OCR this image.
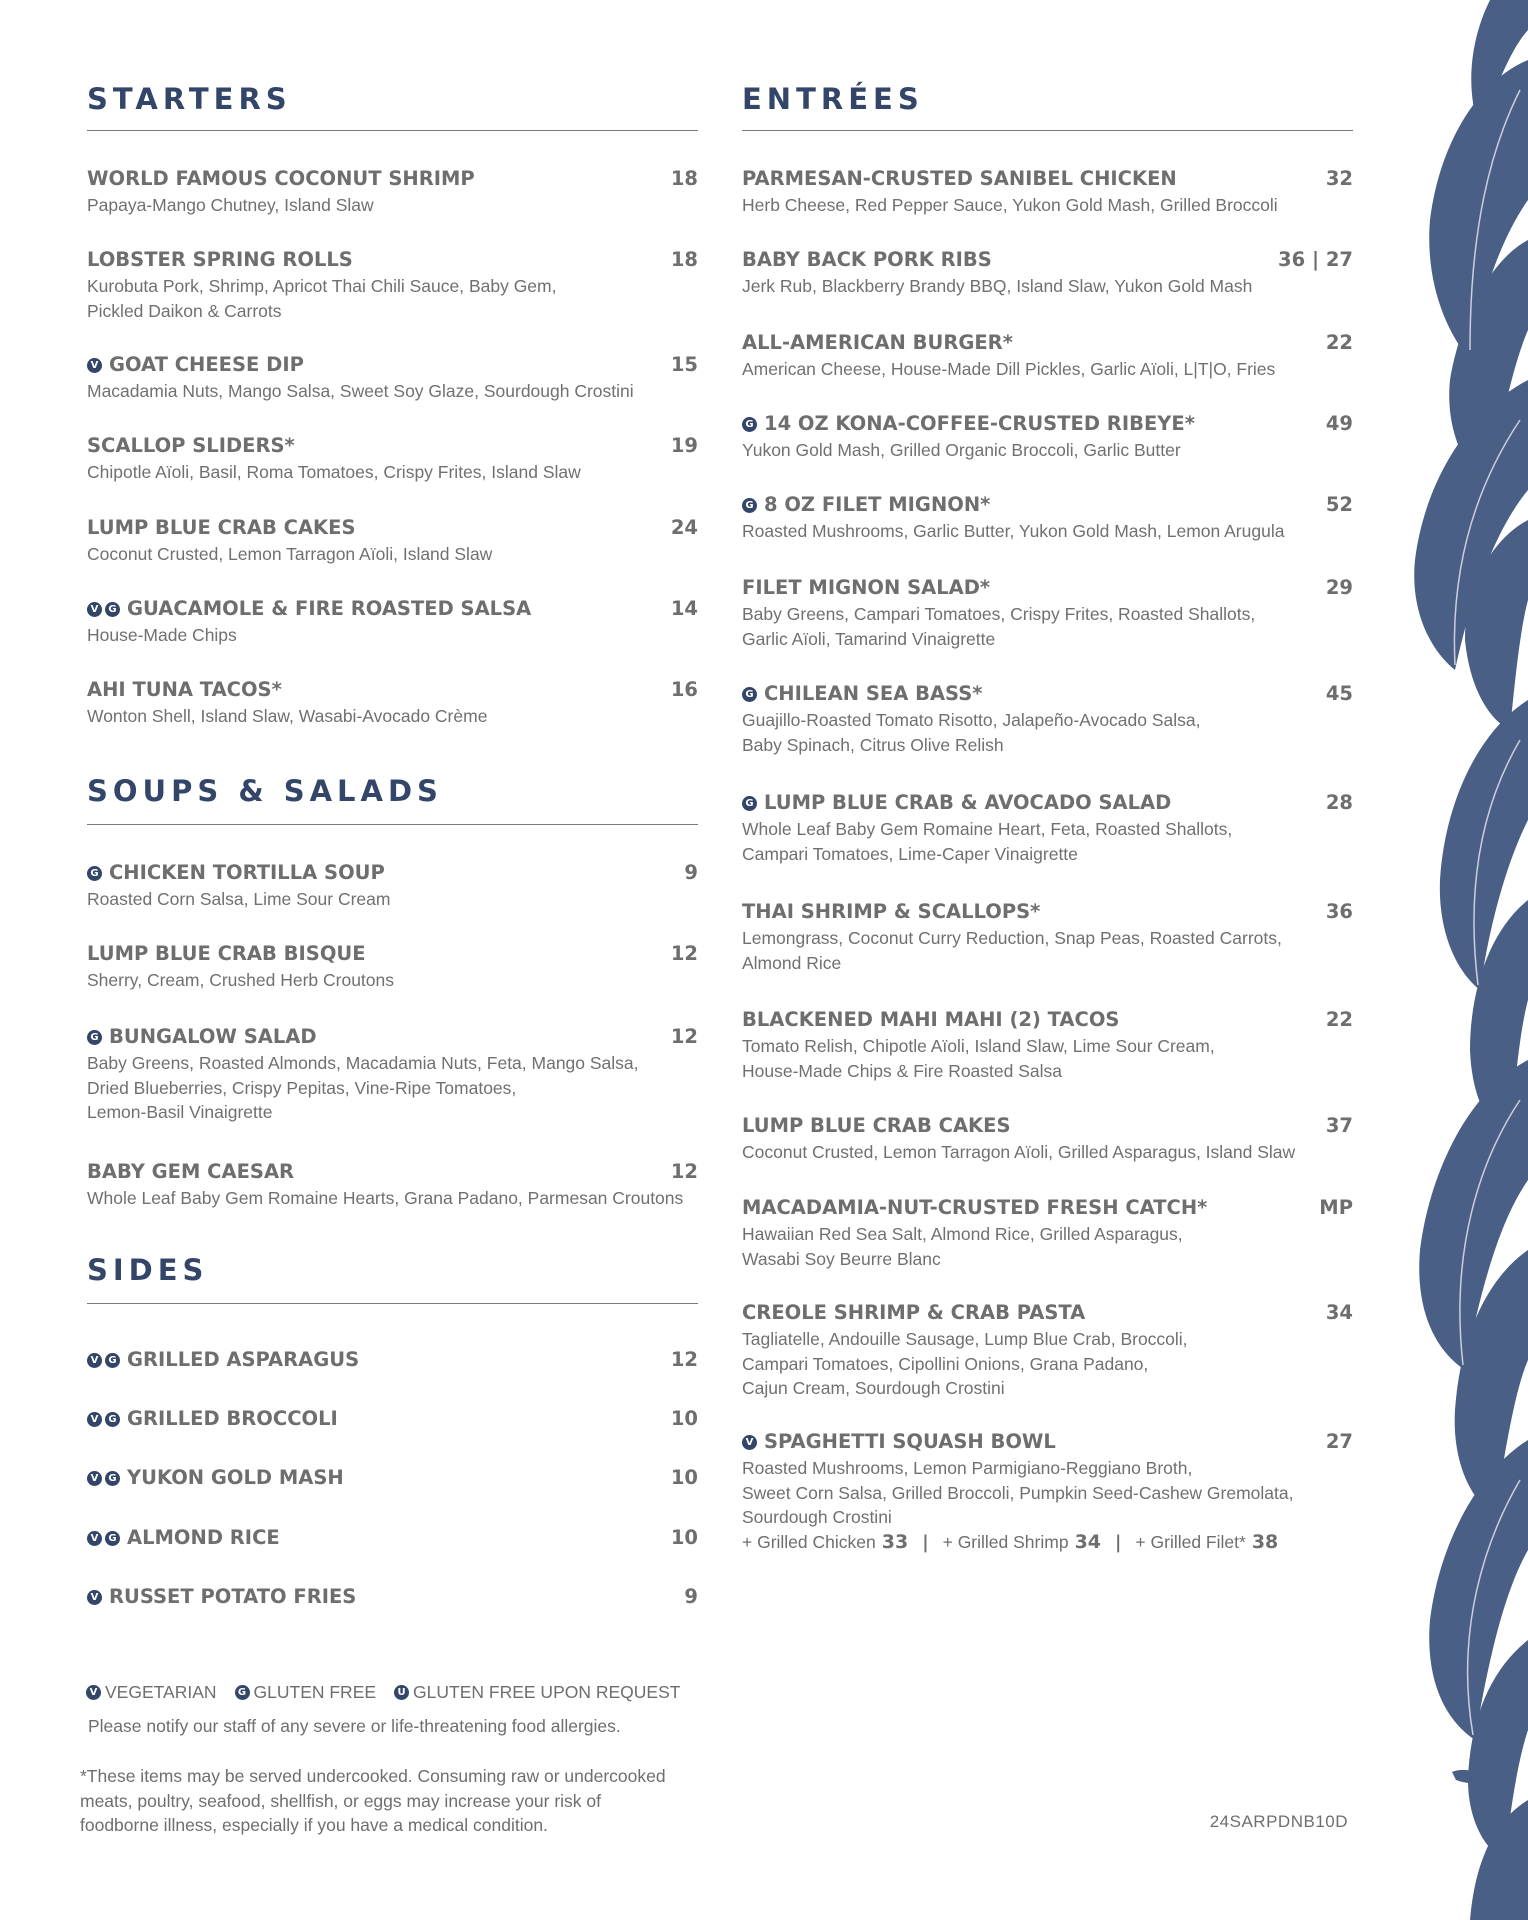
STARTERS
WORLD FAMOUS COCONUT SHRIMP	18
Papaya-Mango Chutney, Island Slaw
LOBSTER SPRING ROLLS	18
Kurobuta Pork, Shrimp, Apricot Thai Chili Sauce, Baby Gem,
Pickled Daikon & Carrots
V GOAT CHEESE DIP	15
Macadamia Nuts, Mango Salsa, Sweet Soy Glaze, Sourdough Crostini
SCALLOP SLIDERS*	19
Chipotle Aïoli, Basil, Roma Tomatoes, Crispy Frites, Island Slaw
LUMP BLUE CRAB CAKES	24
Coconut Crusted, Lemon Tarragon Aïoli, Island Slaw
V	G GUACAMOLE & FIRE ROASTED SALSA	14
House-Made Chips
AHI TUNA TACOS*	16
Wonton Shell, Island Slaw, Wasabi-Avocado Crème
SOUPS & SALADS
G CHICKEN TORTILLA SOUP	9
Roasted Corn Salsa, Lime Sour Cream
LUMP BLUE CRAB BISQUE	12
Sherry, Cream, Crushed Herb Croutons
G BUNGALOW SALAD	12
Baby Greens, Roasted Almonds, Macadamia Nuts, Feta, Mango Salsa,
Dried Blueberries, Crispy Pepitas, Vine-Ripe Tomatoes,
Lemon-Basil Vinaigrette
BABY GEM CAESAR	12
Whole Leaf Baby Gem Romaine Hearts, Grana Padano, Parmesan Croutons
SIDES
V	G GRILLED ASPARAGUS	12
V	G GRILLED BROCCOLI	10
V	G YUKON GOLD MASH	10
V	G ALMOND RICE	10
V RUSSET POTATO FRIES	9
ENTRÉES
PARMESAN-CRUSTED SANIBEL CHICKEN	32
Herb Cheese, Red Pepper Sauce, Yukon Gold Mash, Grilled Broccoli
BABY BACK PORK RIBS	36 | 27
Jerk Rub, Blackberry Brandy BBQ, Island Slaw, Yukon Gold Mash
ALL-AMERICAN BURGER*	22
American Cheese, House-Made Dill Pickles, Garlic Aïoli, L|T|O, Fries
G 14 OZ KONA-COFFEE-CRUSTED RIBEYE*	49
Yukon Gold Mash, Grilled Organic Broccoli, Garlic Butter
G 8 OZ FILET MIGNON*	52
Roasted Mushrooms, Garlic Butter, Yukon Gold Mash, Lemon Arugula
FILET MIGNON SALAD*	29
Baby Greens, Campari Tomatoes, Crispy Frites, Roasted Shallots,
Garlic Aïoli, Tamarind Vinaigrette
G CHILEAN SEA BASS*	45
Guajillo-Roasted Tomato Risotto, Jalapeño-Avocado Salsa,
Baby Spinach, Citrus Olive Relish
G LUMP BLUE CRAB & AVOCADO SALAD	28
Whole Leaf Baby Gem Romaine Heart, Feta, Roasted Shallots,
Campari Tomatoes, Lime-Caper Vinaigrette
THAI SHRIMP & SCALLOPS*	36
Lemongrass, Coconut Curry Reduction, Snap Peas, Roasted Carrots,
Almond Rice
BLACKENED MAHI MAHI (2) TACOS	22
Tomato Relish, Chipotle Aïoli, Island Slaw, Lime Sour Cream,
House-Made Chips & Fire Roasted Salsa
LUMP BLUE CRAB CAKES	37
Coconut Crusted, Lemon Tarragon Aïoli, Grilled Asparagus, Island Slaw
MACADAMIA-NUT-CRUSTED FRESH CATCH*	MP
Hawaiian Red Sea Salt, Almond Rice, Grilled Asparagus,
Wasabi Soy Beurre Blanc
CREOLE SHRIMP & CRAB PASTA	34
Tagliatelle, Andouille Sausage, Lump Blue Crab, Broccoli,
Campari Tomatoes, Cipollini Onions, Grana Padano,
Cajun Cream, Sourdough Crostini
V SPAGHETTI SQUASH BOWL	27
Roasted Mushrooms, Lemon Parmigiano-Reggiano Broth,
Sweet Corn Salsa, Grilled Broccoli, Pumpkin Seed-Cashew Gremolata,
Sourdough Crostini
+ Grilled Chicken 33 | + Grilled Shrimp 34 | + Grilled Filet* 38
V VEGETARIAN	G GLUTEN FREE	U GLUTEN FREE UPON REQUEST
Please notify our staff of any severe or life-threatening food allergies.
*These items may be served undercooked. Consuming raw or undercooked
meats, poultry, seafood, shellfish, or eggs may increase your risk of
foodborne illness, especially if you have a medical condition.	24SARPDNB10D
